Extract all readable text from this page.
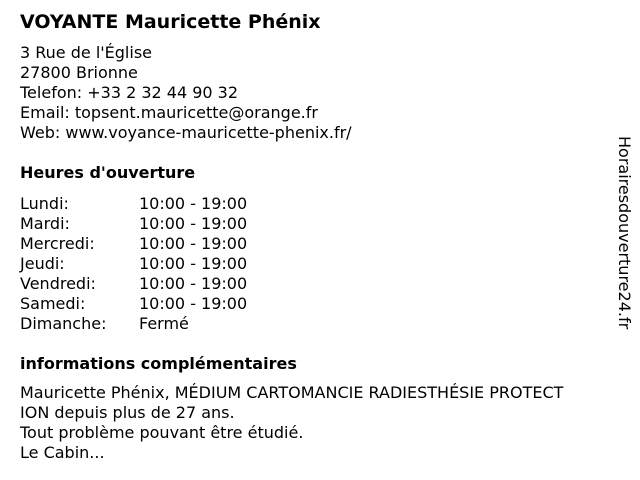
VOYANTE Mauricette Phénix
3 Rue de l'Église
27800 Brionne
Telefon: +33 2 32 44 90 32
Email: topsent.mauricette@orange.fr
Web: www.voyance-mauricette-phenix.fr/
Heures d'ouverture
Lundi:	10:00 - 19:00
Mardi:	10:00 - 19:00
Mercredi:	10:00 - 19:00
Jeudi:	10:00 - 19:00
Vendredi:	10:00 - 19:00
Samedi:	10:00 - 19:00
Dimanche: Fermé
informations complémentaires
Mauricette Phénix, MÉDIUM CARTOMANCIE RADIESTHÉSIE PROTECT
ION depuis plus de 27 ans.
Tout problème pouvant être étudié.
Le Cabin...
Horairesdouverture24.fr
